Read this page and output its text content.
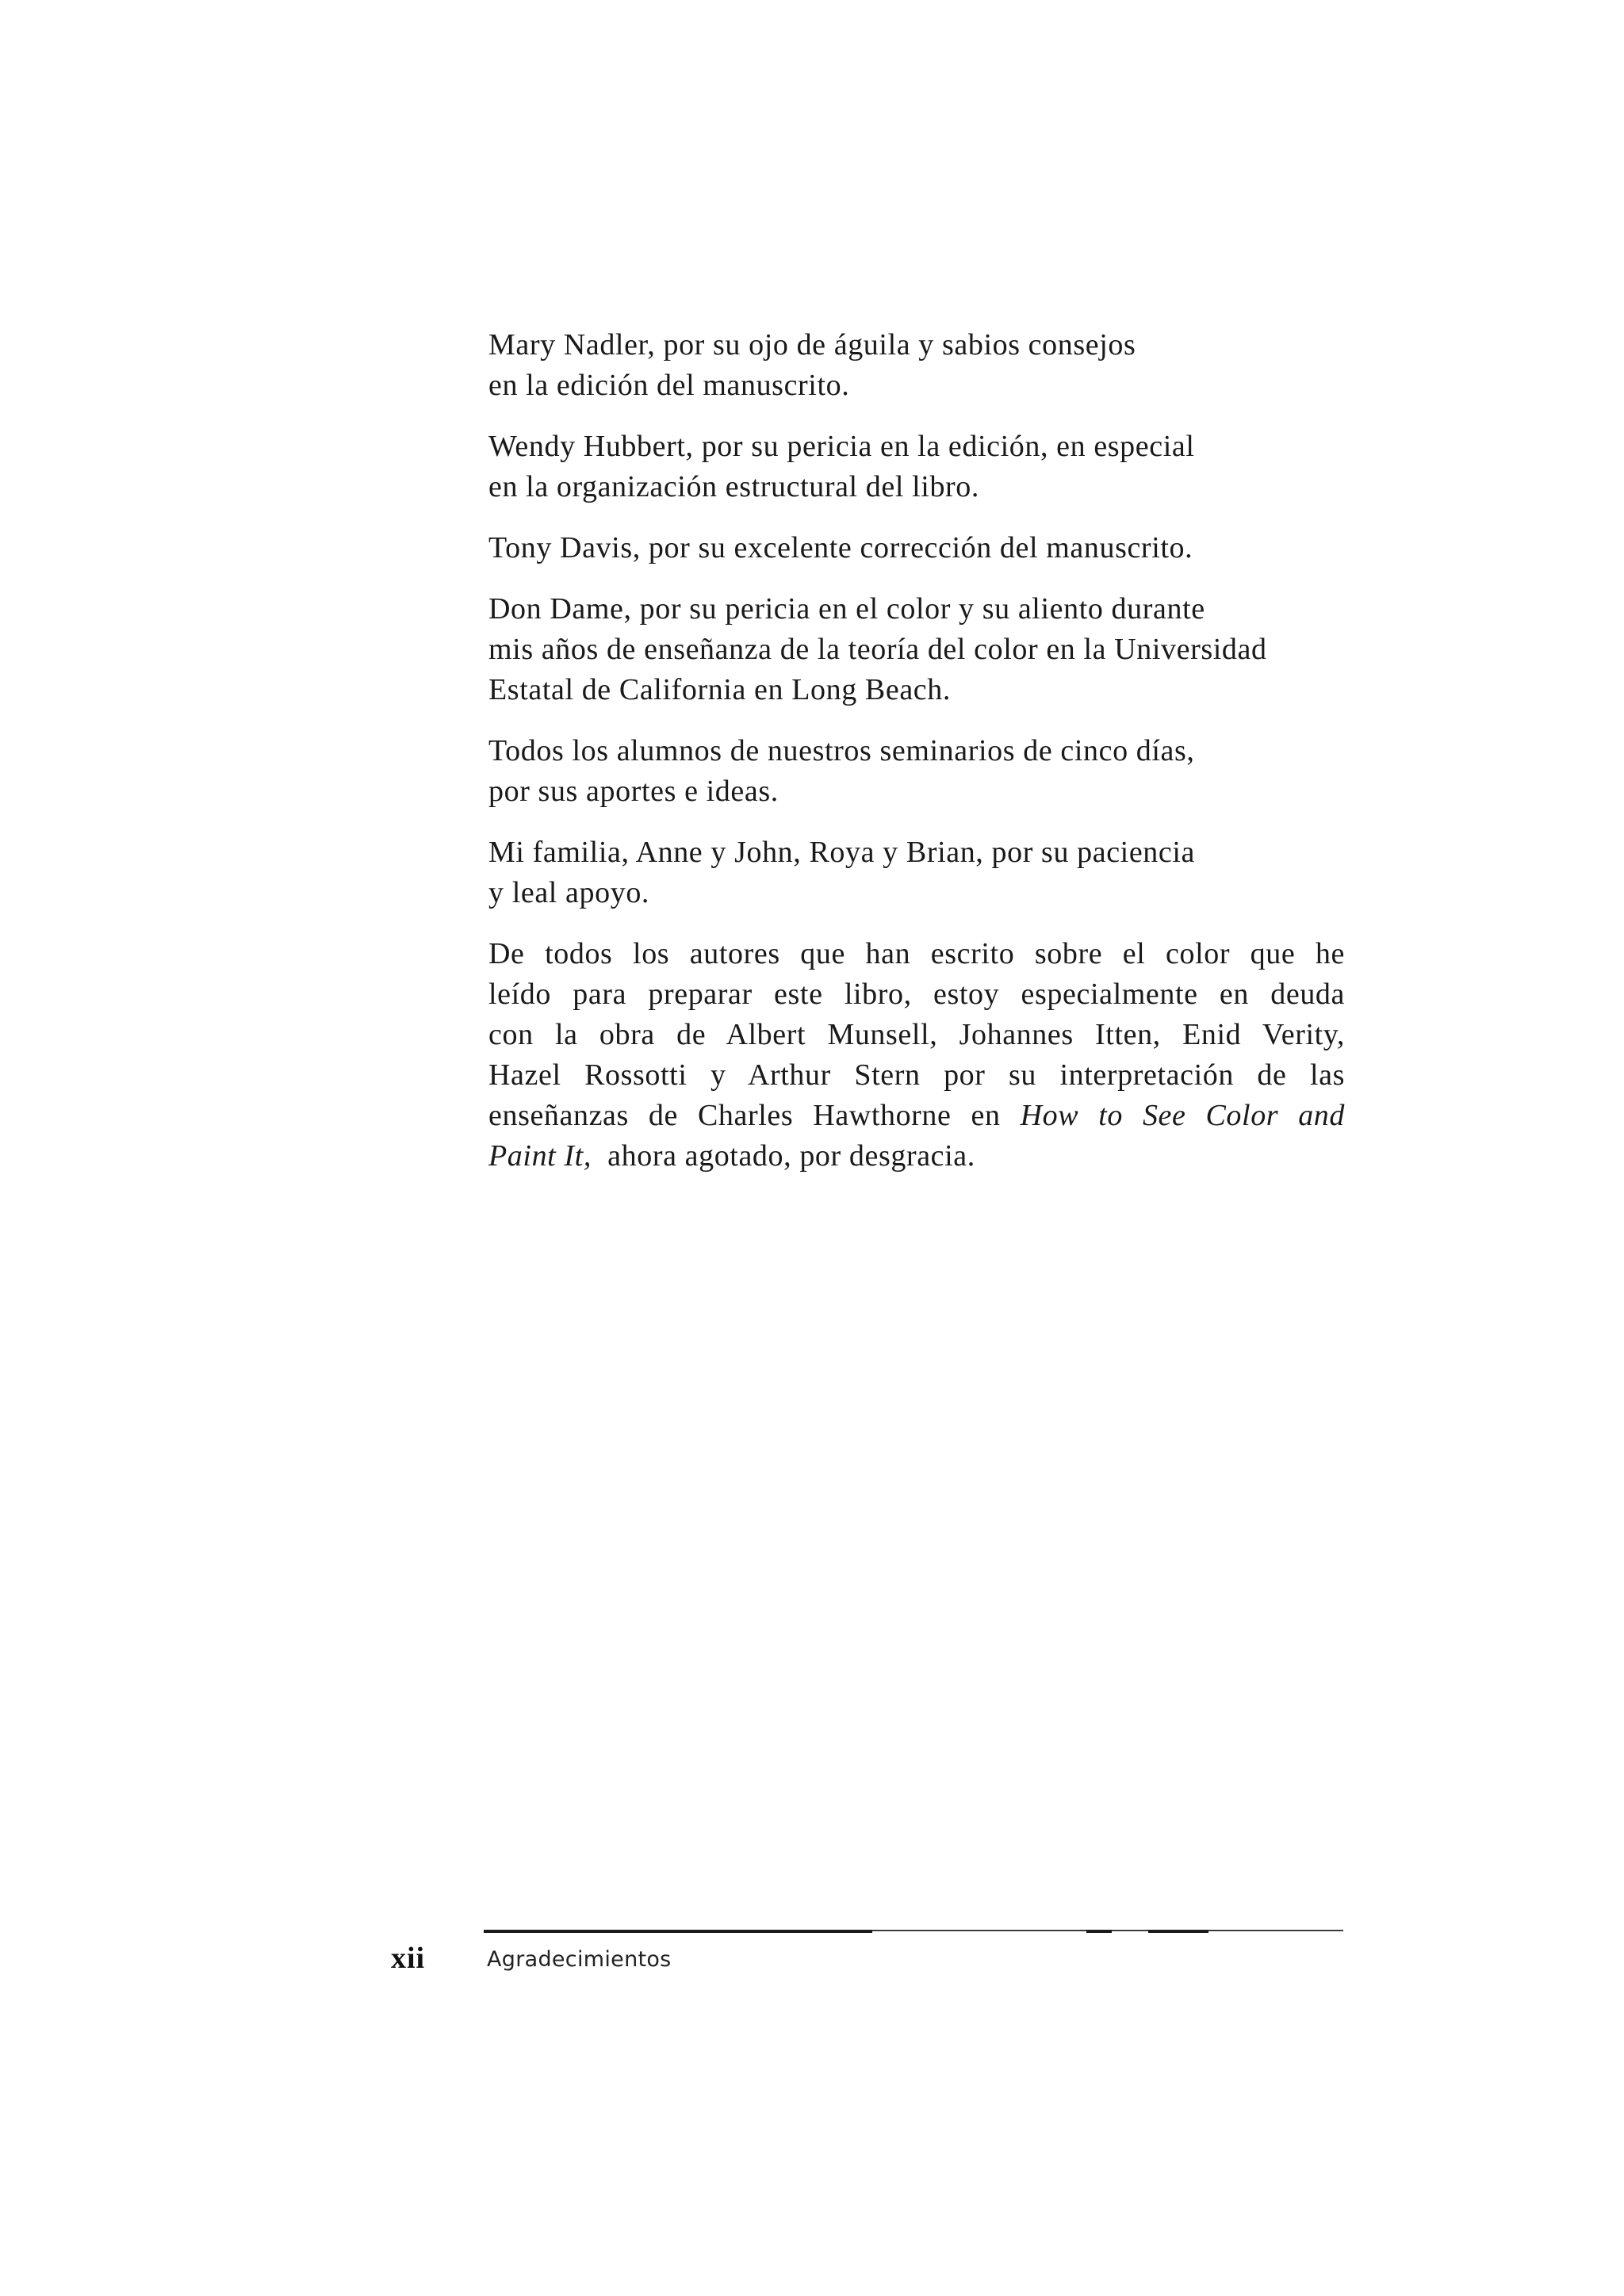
Mary Nadler, por su ojo de águila y sabios consejos
en la edición del manuscrito.

Wendy Hubbert, por su pericia en la edición, en especial
en la organización estructural del libro.

Tony Davis, por su excelente corrección del manuscrito.

Don Dame, por su pericia en el color y su aliento durante
mis años de enseñanza de la teoría del color en la Universidad
Estatal de California en Long Beach.

Todos los alumnos de nuestros seminarios de cinco días,
por sus aportes e ideas.

Mi familia, Anne y John, Roya y Brian, por su paciencia
y leal apoyo.

De todos los autores que han escrito sobre el color que he
leído para preparar este libro, estoy especialmente en deuda
con la obra de Albert Munsell, Johannes Itten, Enid Verity,
Hazel Rossotti y Arthur Stern por su interpretación de las
enseñanzas de Charles Hawthorne en How to See Color and
Paint It, ahora agotado, por desgracia.

xii	Agradecimientos
